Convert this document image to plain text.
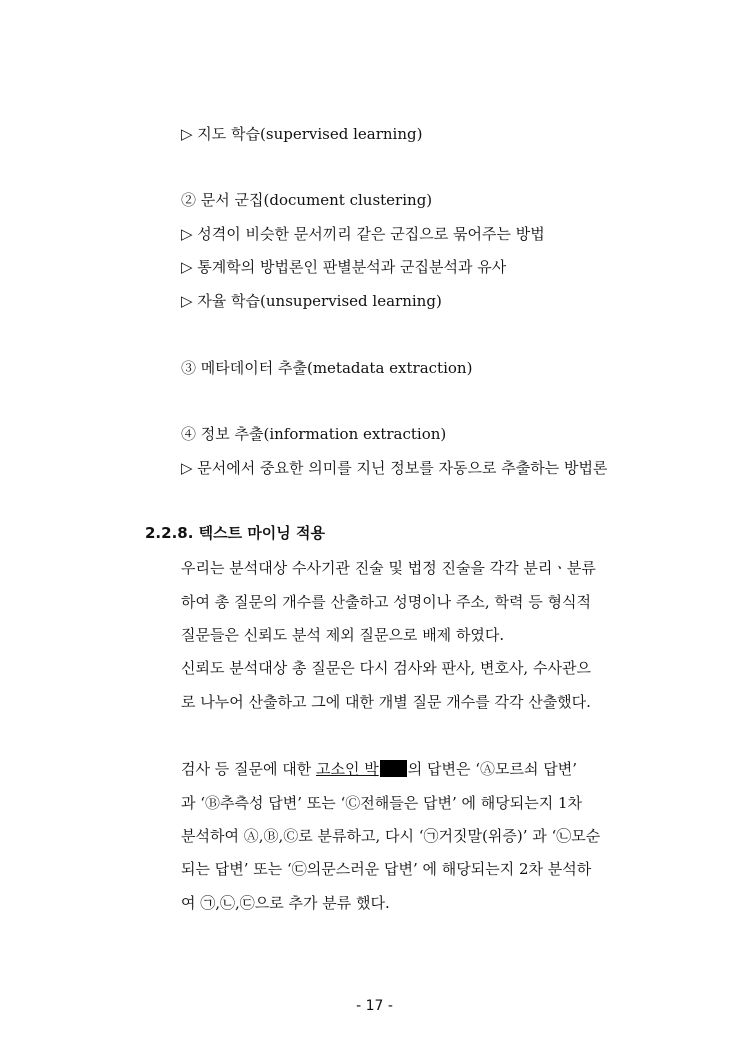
▷ 지도 학습(supervised learning)
② 문서 군집(document clustering)
▷ 성격이 비슷한 문서끼리 같은 군집으로 묶어주는 방법
▷ 통계학의 방법론인 판별분석과 군집분석과 유사
▷ 자율 학습(unsupervised learning)
③ 메타데이터 추출(metadata extraction)
④ 정보 추출(information extraction)
▷ 문서에서 중요한 의미를 지닌 정보를 자동으로 추출하는 방법론
2.2.8. 텍스트 마이닝 적용
우리는 분석대상 수사기관 진술 및 법정 진술을 각각 분리ㆍ분류
하여 총 질문의 개수를 산출하고 성명이나 주소, 학력 등 형식적
질문들은 신뢰도 분석 제외 질문으로 배제 하였다.
신뢰도 분석대상 총 질문은 다시 검사와 판사, 변호사, 수사관으
로 나누어 산출하고 그에 대한 개별 질문 개수를 각각 산출했다.
검사 등 질문에 대한 고소인 박 의 답변은 ‘Ⓐ모르쇠 답변’
과 ‘Ⓑ추측성 답변’ 또는 ‘Ⓒ전해들은 답변’ 에 해당되는지 1차
분석하여 Ⓐ,Ⓑ,Ⓒ로 분류하고, 다시 ‘㉠거짓말(위증)’ 과 ‘㉡모순
되는 답변’ 또는 ‘㉢의문스러운 답변’ 에 해당되는지 2차 분석하
여 ㉠,㉡,㉢으로 추가 분류 했다.
- 17 -
